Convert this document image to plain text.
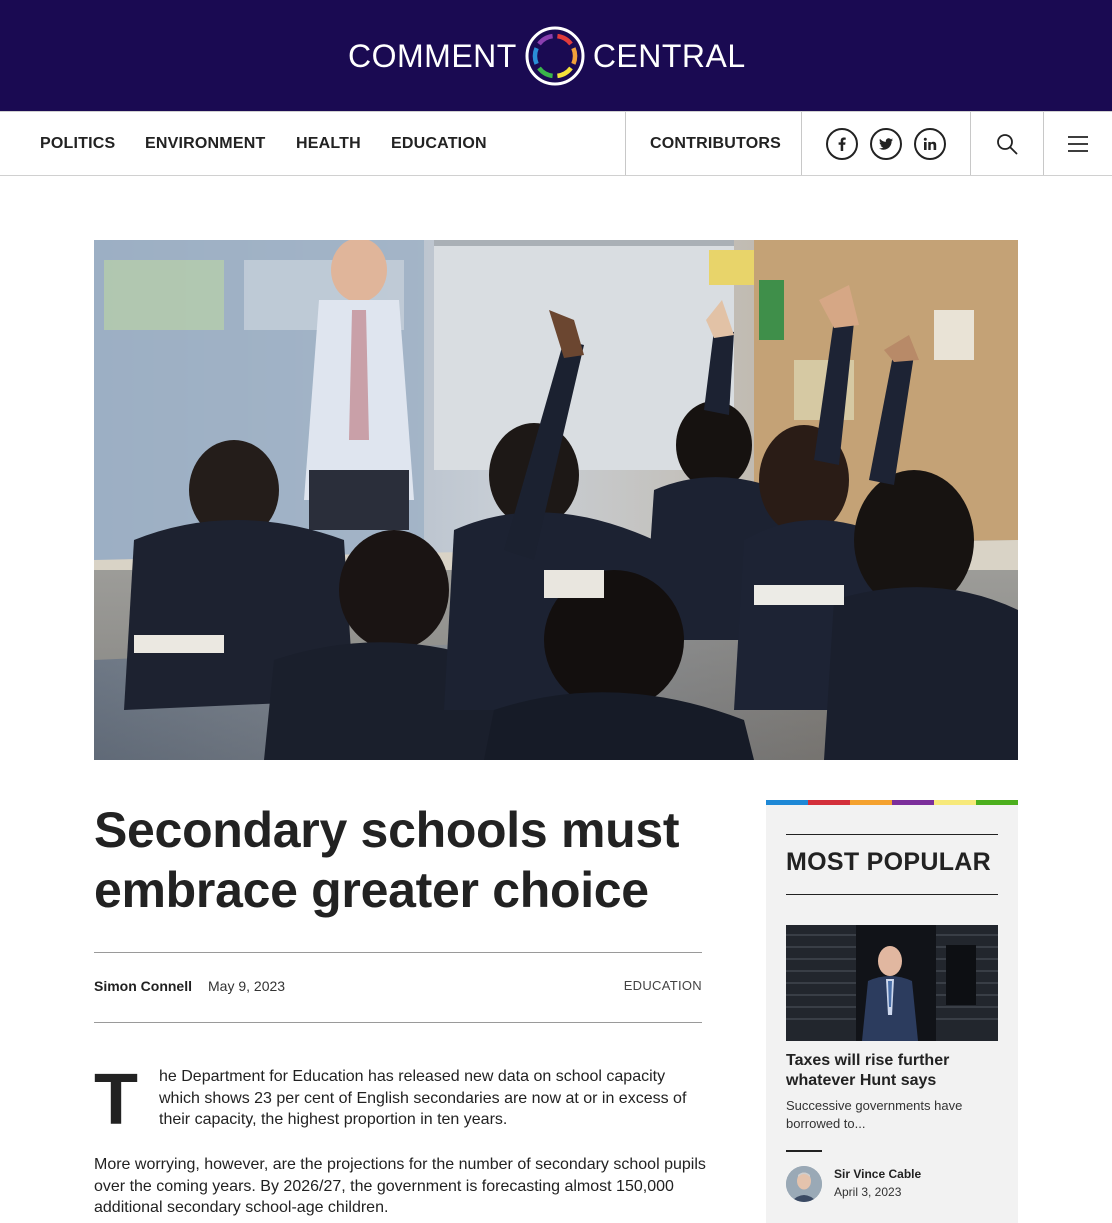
COMMENT CENTRAL
POLITICS ENVIRONMENT HEALTH EDUCATION	CONTRIBUTORS
Secondary schools must embrace greater choice
Simon Connell May 9, 2023	EDUCATION
T he Department for Education has released new data on school capacity which shows 23 per cent of English secondaries are now at or in excess of their capacity, the highest proportion in ten years.

More worrying, however, are the projections for the number of secondary school pupils over the coming years. By 2026/27, the government is forecasting almost 150,000 additional secondary school-age children.

MOST POPULAR
Taxes will rise further whatever Hunt says

Successive governments have borrowed to...

Sir Vince Cable
April 3, 2023
